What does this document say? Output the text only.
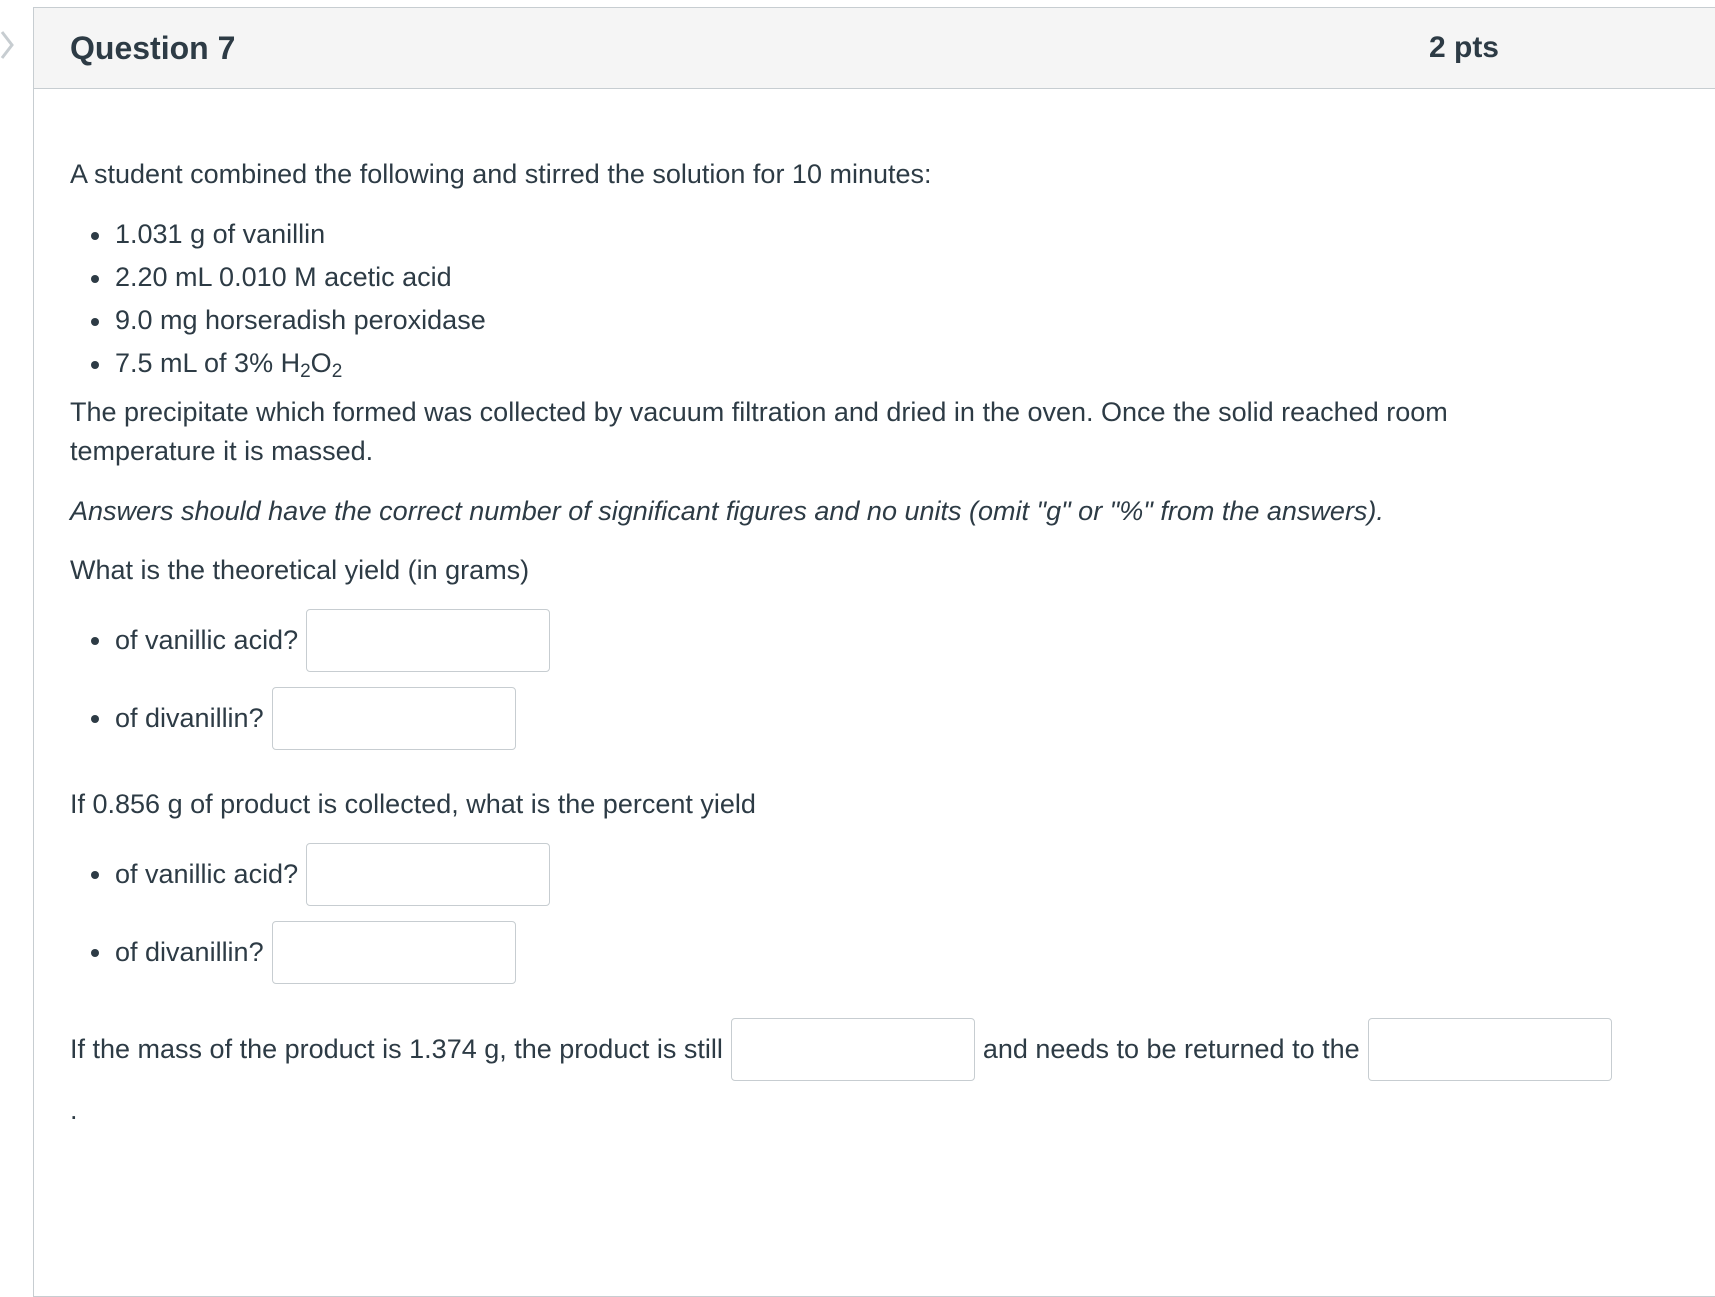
Question 7	2 pts
A student combined the following and stirred the solution for 10 minutes:
1.031 g of vanillin
2.20 mL 0.010 M acetic acid
9.0 mg horseradish peroxidase
7.5 mL of 3% $H_2O_2$
The precipitate which formed was collected by vacuum filtration and dried in the oven. Once the solid reached room
temperature it is massed.
Answers should have the correct number of significant figures and no units (omit "g" or "%" from the answers).
What is the theoretical yield (in grams)
of vanillic acid?
of divanillin?
If 0.856 g of product is collected, what is the percent yield
of vanillic acid?
of divanillin?
If the mass of the product is 1.374 g, the product is still	and needs to be returned to the
.
